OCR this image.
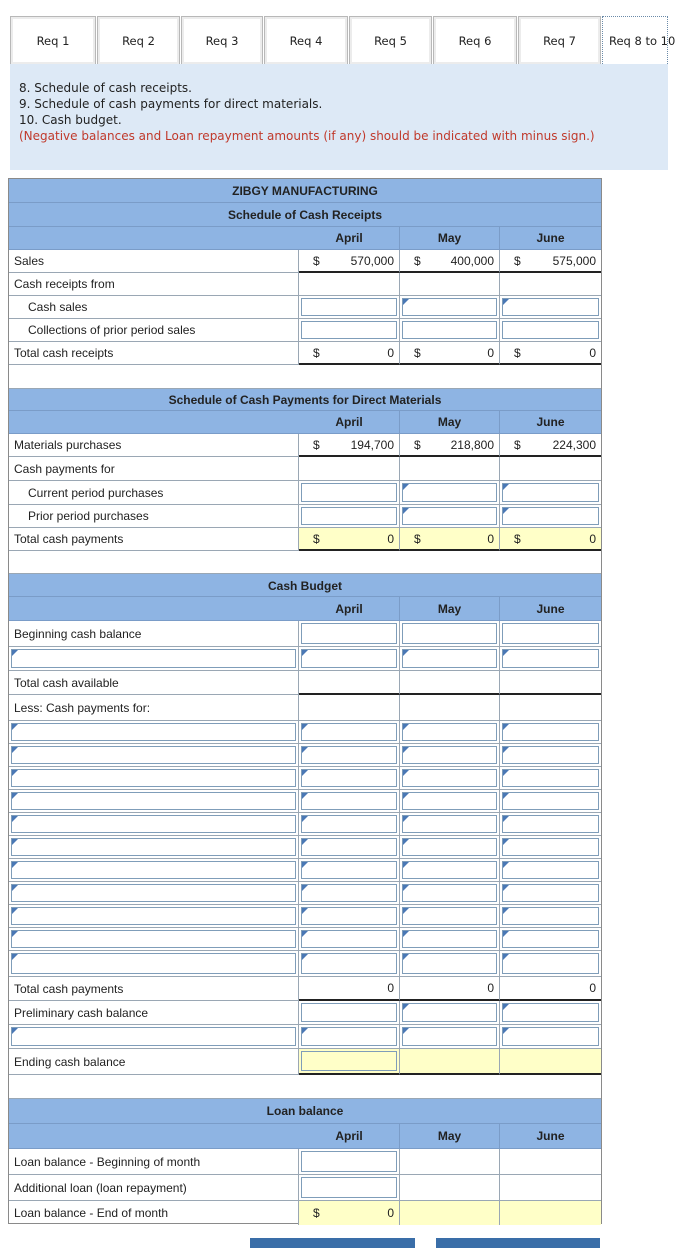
Req 1	Req 2	Req 3	Req 4	Req 5	Req 6	Req 7	Req 8 to 10
8. Schedule of cash receipts.
9. Schedule of cash payments for direct materials.
10. Cash budget.
(Negative balances and Loan repayment amounts (if any) should be indicated with minus sign.)
ZIBGY MANUFACTURING
Schedule of Cash Receipts
April	May	June
Sales	$	570,000 $ 400,000 $	575,000
Cash receipts from
Cash sales
Collections of prior period sales
Total cash receipts	$	0 $	0 $	0
Schedule of Cash Payments for Direct Materials
April	May	June
Materials purchases	$	194,700 $ 218,800 $	224,300
Cash payments for
Current period purchases
Prior period purchases
Total cash payments	$	0 $	0 $	0
Cash Budget
April	May	June
Beginning cash balance
Total cash available
Less: Cash payments for:
Total cash payments	0	0	0
Preliminary cash balance
Ending cash balance
Loan balance
April	May	June
Loan balance - Beginning of month
Additional loan (loan repayment)
Loan balance - End of month	$	0
